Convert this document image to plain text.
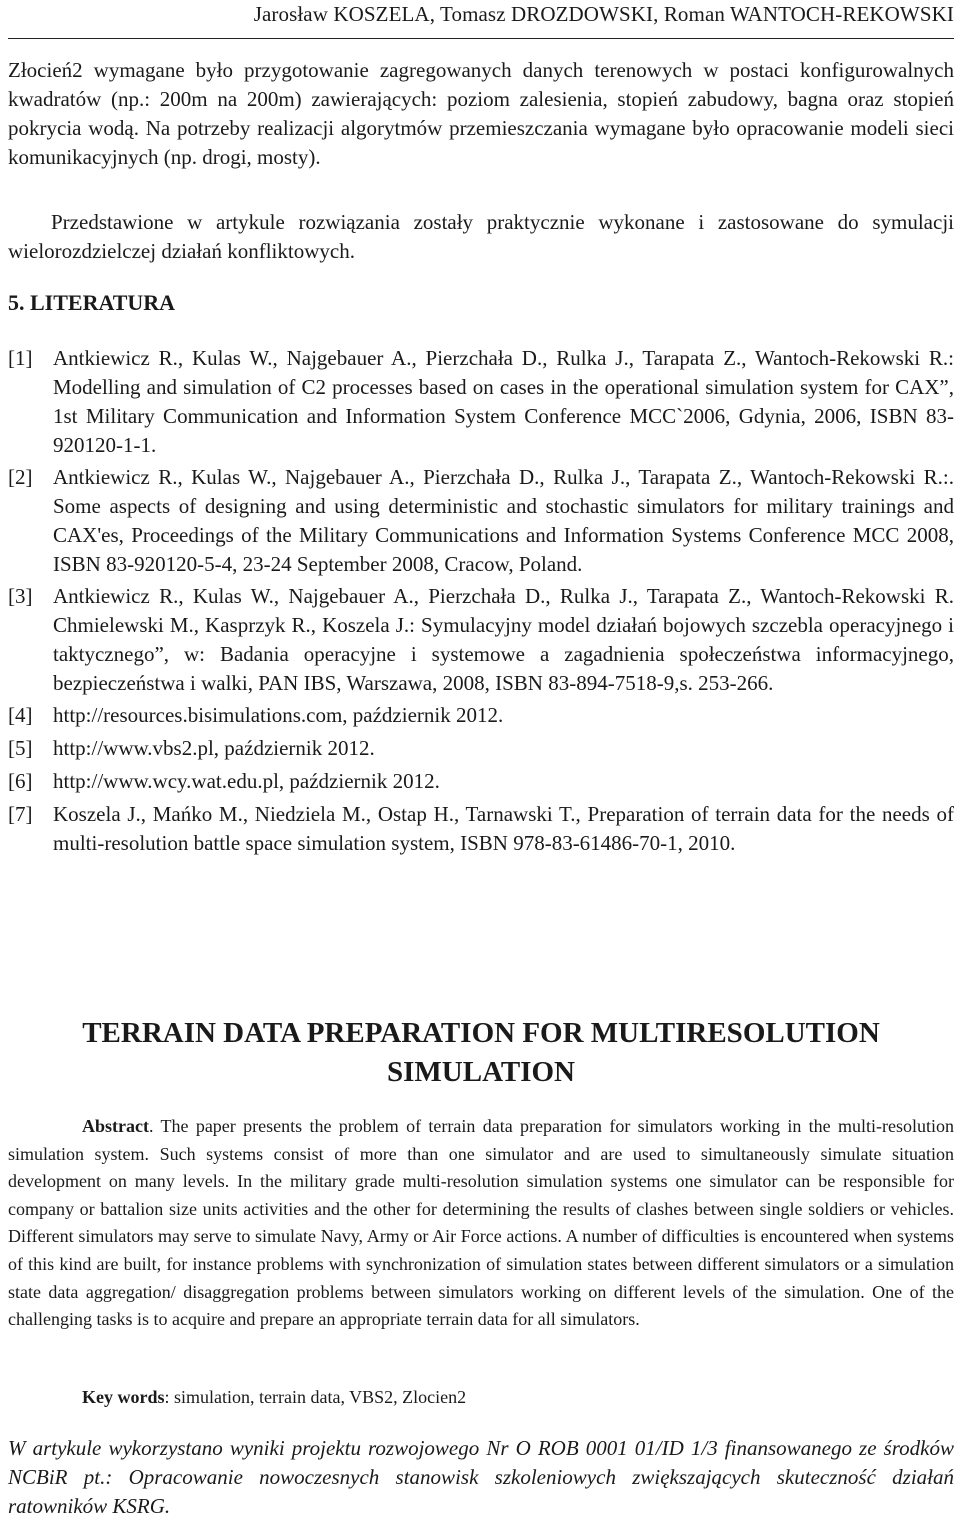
Jarosław KOSZELA, Tomasz DROZDOWSKI, Roman WANTOCH-REKOWSKI

Złocień2 wymagane było przygotowanie zagregowanych danych terenowych w postaci konfigurowalnych kwadratów (np.: 200m na 200m) zawierających: poziom zalesienia, stopień zabudowy, bagna oraz stopień pokrycia wodą. Na potrzeby realizacji algorytmów przemieszczania wymagane było opracowanie modeli sieci komunikacyjnych (np. drogi, mosty).

Przedstawione w artykule rozwiązania zostały praktycznie wykonane i zastosowane do symulacji wielorozdzielczej działań konfliktowych.

5. LITERATURA
[1] Antkiewicz R., Kulas W., Najgebauer A., Pierzchała D., Rulka J., Tarapata Z., Wantoch-Rekowski R.: Modelling and simulation of C2 processes based on cases in the operational simulation system for CAX”, 1st Military Communication and Information System Conference MCC`2006, Gdynia, 2006, ISBN 83-920120-1-1.
[2] Antkiewicz R., Kulas W., Najgebauer A., Pierzchała D., Rulka J., Tarapata Z., Wantoch-Rekowski R.:. Some aspects of designing and using deterministic and stochastic simulators for military trainings and CAX'es, Proceedings of the Military Communications and Information Systems Conference MCC 2008, ISBN 83-920120-5-4, 23-24 September 2008, Cracow, Poland.
[3] Antkiewicz R., Kulas W., Najgebauer A., Pierzchała D., Rulka J., Tarapata Z., Wantoch-Rekowski R. Chmielewski M., Kasprzyk R., Koszela J.: Symulacyjny model działań bojowych szczebla operacyjnego i taktycznego”, w: Badania operacyjne i systemowe a zagadnienia społeczeństwa informacyjnego, bezpieczeństwa i walki, PAN IBS, Warszawa, 2008, ISBN 83-894-7518-9,s. 253-266.
[4] http://resources.bisimulations.com, październik 2012.
[5] http://www.vbs2.pl, październik 2012.
[6] http://www.wcy.wat.edu.pl, październik 2012.
[7] Koszela J., Mańko M., Niedziela M., Ostap H., Tarnawski T., Preparation of terrain data for the needs of multi-resolution battle space simulation system, ISBN 978-83-61486-70-1, 2010.
TERRAIN DATA PREPARATION FOR MULTIRESOLUTION SIMULATION

Abstract. The paper presents the problem of terrain data preparation for simulators working in the multi-resolution simulation system. Such systems consist of more than one simulator and are used to simultaneously simulate situation development on many levels. In the military grade multi-resolution simulation systems one simulator can be responsible for company or battalion size units activities and the other for determining the results of clashes between single soldiers or vehicles. Different simulators may serve to simulate Navy, Army or Air Force actions. A number of difficulties is encountered when systems of this kind are built, for instance problems with synchronization of simulation states between different simulators or a simulation state data aggregation/ disaggregation problems between simulators working on different levels of the simulation. One of the challenging tasks is to acquire and prepare an appropriate terrain data for all simulators.

Key words: simulation, terrain data, VBS2, Zlocien2

W artykule wykorzystano wyniki projektu rozwojowego Nr O ROB 0001 01/ID 1/3 finansowanego ze środków NCBiR pt.: Opracowanie nowoczesnych stanowisk szkoleniowych zwiększających skuteczność działań ratowników KSRG.
